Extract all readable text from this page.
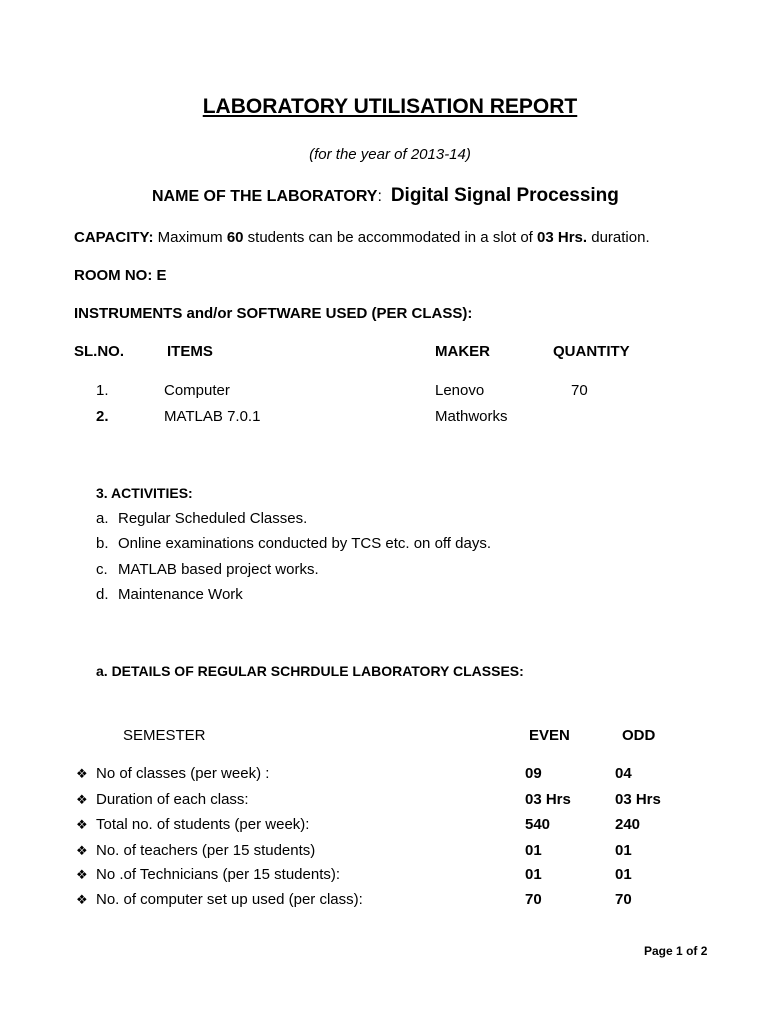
LABORATORY UTILISATION REPORT
(for the year of 2013-14)
NAME OF THE LABORATORY: Digital Signal Processing
CAPACITY: Maximum 60 students can be accommodated in a slot of 03 Hrs. duration.
ROOM NO: E
INSTRUMENTS and/or SOFTWARE USED (PER CLASS):
SL.NO.	ITEMS	MAKER	QUANTITY
1.	Computer	Lenovo	70
2.	MATLAB 7.0.1	Mathworks
3. ACTIVITIES:
a. Regular Scheduled Classes.
b. Online examinations conducted by TCS etc. on off days.
c. MATLAB based project works.
d. Maintenance Work
a. DETAILS OF REGULAR SCHRDULE LABORATORY CLASSES:
SEMESTER	EVEN	ODD
❖ No of classes (per week) :	09	04
❖ Duration of each class:	03 Hrs	03 Hrs
❖ Total no. of students (per week):	540	240
❖ No. of teachers (per 15 students)	01	01
❖ No .of Technicians (per 15 students):	01	01
❖ No. of computer set up used (per class):	70	70
Page 1 of 2
